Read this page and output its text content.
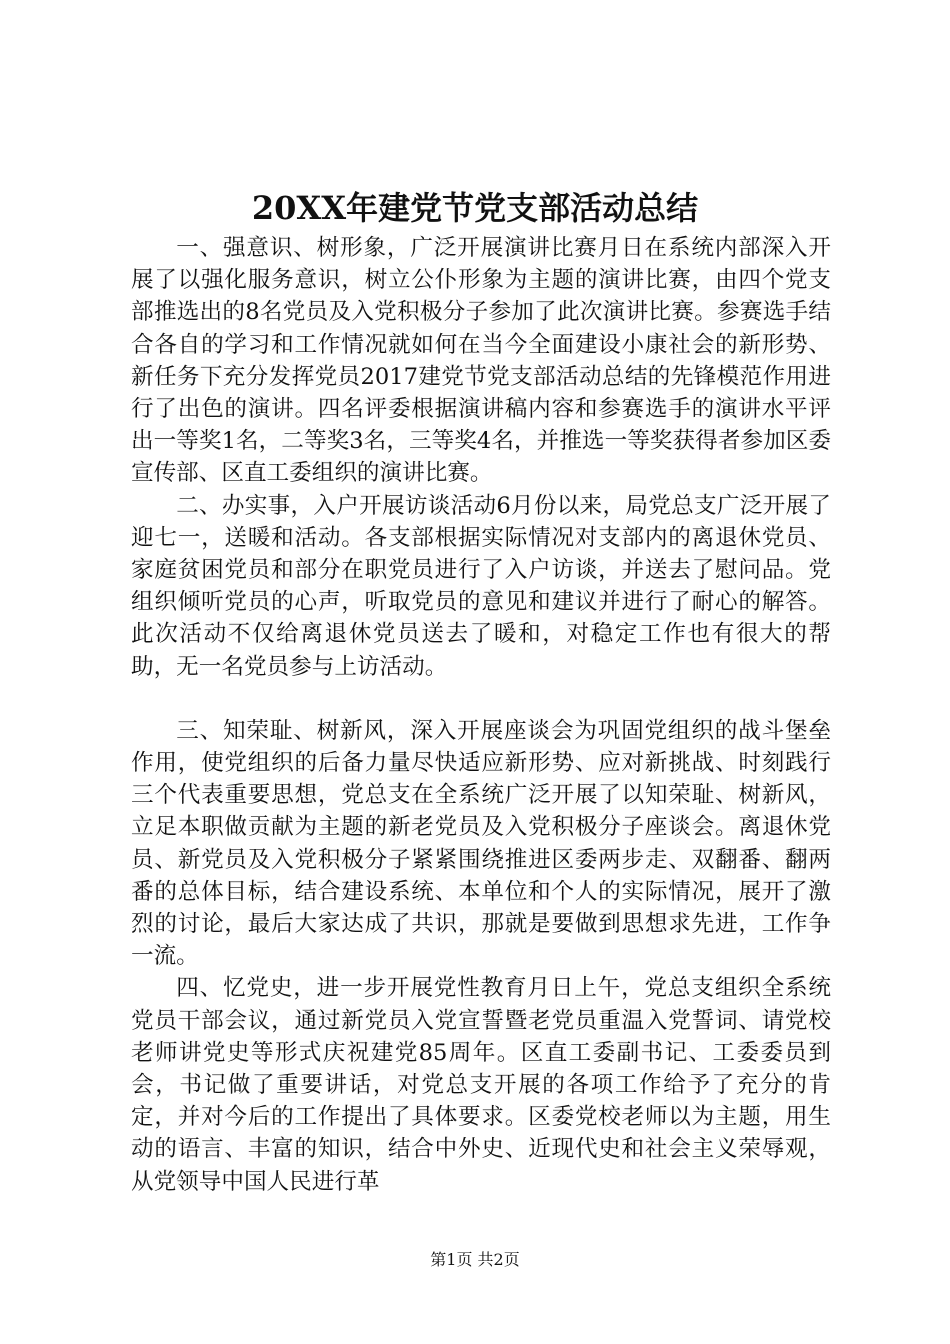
20XX年建党节党支部活动总结

一、强意识、树形象，广泛开展演讲比赛月日在系统内部深入开展了以强化服务意识，树立公仆形象为主题的演讲比赛，由四个党支部推选出的8名党员及入党积极分子参加了此次演讲比赛。参赛选手结合各自的学习和工作情况就如何在当今全面建设小康社会的新形势、新任务下充分发挥党员2017建党节党支部活动总结的先锋模范作用进行了出色的演讲。四名评委根据演讲稿内容和参赛选手的演讲水平评出一等奖1名，二等奖3名，三等奖4名，并推选一等奖获得者参加区委宣传部、区直工委组织的演讲比赛。

二、办实事，入户开展访谈活动6月份以来，局党总支广泛开展了迎七一，送暖和活动。各支部根据实际情况对支部内的离退休党员、家庭贫困党员和部分在职党员进行了入户访谈，并送去了慰问品。党组织倾听党员的心声，听取党员的意见和建议并进行了耐心的解答。此次活动不仅给离退休党员送去了暖和，对稳定工作也有很大的帮助，无一名党员参与上访活动。

三、知荣耻、树新风，深入开展座谈会为巩固党组织的战斗堡垒作用，使党组织的后备力量尽快适应新形势、应对新挑战、时刻践行三个代表重要思想，党总支在全系统广泛开展了以知荣耻、树新风，立足本职做贡献为主题的新老党员及入党积极分子座谈会。离退休党员、新党员及入党积极分子紧紧围绕推进区委两步走、双翻番、翻两番的总体目标，结合建设系统、本单位和个人的实际情况，展开了激烈的讨论，最后大家达成了共识，那就是要做到思想求先进，工作争一流。

四、忆党史，进一步开展党性教育月日上午，党总支组织全系统党员干部会议，通过新党员入党宣誓暨老党员重温入党誓词、请党校老师讲党史等形式庆祝建党85周年。区直工委副书记、工委委员到会，书记做了重要讲话，对党总支开展的各项工作给予了充分的肯定，并对今后的工作提出了具体要求。区委党校老师以为主题，用生动的语言、丰富的知识，结合中外史、近现代史和社会主义荣辱观，从党领导中国人民进行革

第1页 共2页
